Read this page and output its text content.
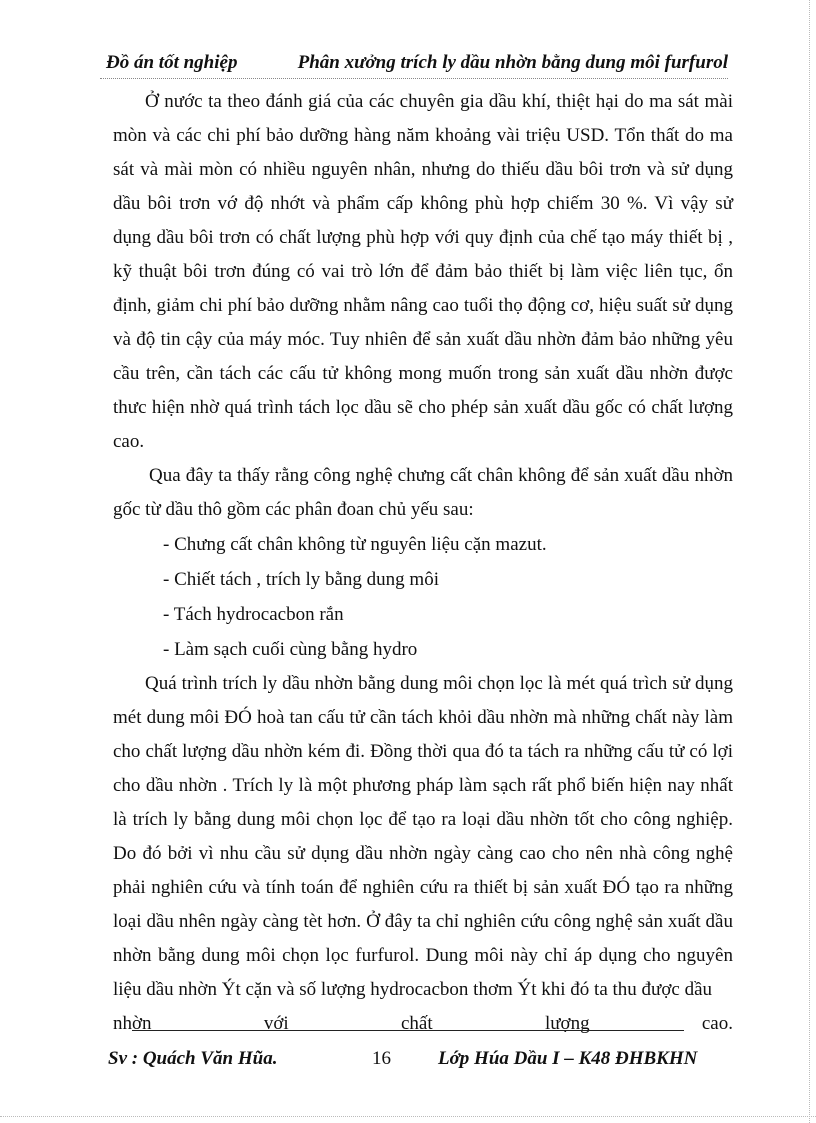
Đồ án tốt nghiệp	Phân xưởng trích ly dầu nhờn bằng dung môi furfurol

Ở nước ta theo đánh giá của các chuyên gia dầu khí, thiệt hại do ma sát mài mòn và các chi phí bảo dưỡng hàng năm khoảng vài triệu USD. Tổn thất do ma sát và mài mòn có nhiều nguyên nhân, nhưng do thiếu dầu bôi trơn và sử dụng dầu bôi trơn vớ độ nhớt và phẩm cấp không phù hợp chiếm 30 %. Vì vậy sử dụng dầu bôi trơn có chất lượng phù hợp với quy định của chế tạo máy thiết bị , kỹ thuật bôi trơn đúng có vai trò lớn để đảm bảo thiết bị làm việc liên tục, ổn định, giảm chi phí bảo dưỡng nhằm nâng cao tuổi thọ động cơ, hiệu suất sử dụng và độ tin cậy của máy móc. Tuy nhiên để sản xuất dầu nhờn đảm bảo những yêu cầu trên, cần tách các cấu tử không mong muốn trong sản xuất dầu nhờn được thưc hiện nhờ quá trình tách lọc dầu sẽ cho phép sản xuất dầu gốc có chất lượng cao.

Qua đây ta thấy rằng công nghệ chưng cất chân không để sản xuất dầu nhờn gốc từ dầu thô gồm các phân đoan chủ yếu sau:

- Chưng cất chân không từ nguyên liệu cặn mazut.
- Chiết tách , trích ly bằng dung môi
- Tách hydrocacbon rắn
- Làm sạch cuối cùng bằng hydro

Quá trình trích ly dầu nhờn bằng dung môi chọn lọc là mét quá trìch sử dụng mét dung môi ĐÓ hoà tan cấu tử cần tách khỏi dầu nhờn mà những chất này làm cho chất lượng dầu nhờn kém đi. Đồng thời qua đó ta tách ra những cấu tử có lợi cho dầu nhờn . Trích ly là một phương pháp làm sạch rất phổ biến hiện nay nhất là trích ly bằng dung môi chọn lọc để tạo ra loại dầu nhờn tốt cho công nghiệp. Do đó bởi vì nhu cầu sử dụng dầu nhờn ngày càng cao cho nên nhà công nghệ phải nghiên cứu và tính toán để nghiên cứu ra thiết bị sản xuất ĐÓ tạo ra những loại dầu nhên ngày càng tèt hơn. Ở đây ta chỉ nghiên cứu công nghệ sản xuất dầu nhờn bằng dung môi chọn lọc furfurol. Dung môi này chỉ áp dụng cho nguyên liệu dầu nhờn Ýt cặn và số lượng hydrocacbon thơm Ýt khi đó ta thu được dầu

nhờn với chất lượng cao.

Sv : Quách Văn Hũa.	16 Lớp Húa Dầu I – K48 ĐHBKHN
